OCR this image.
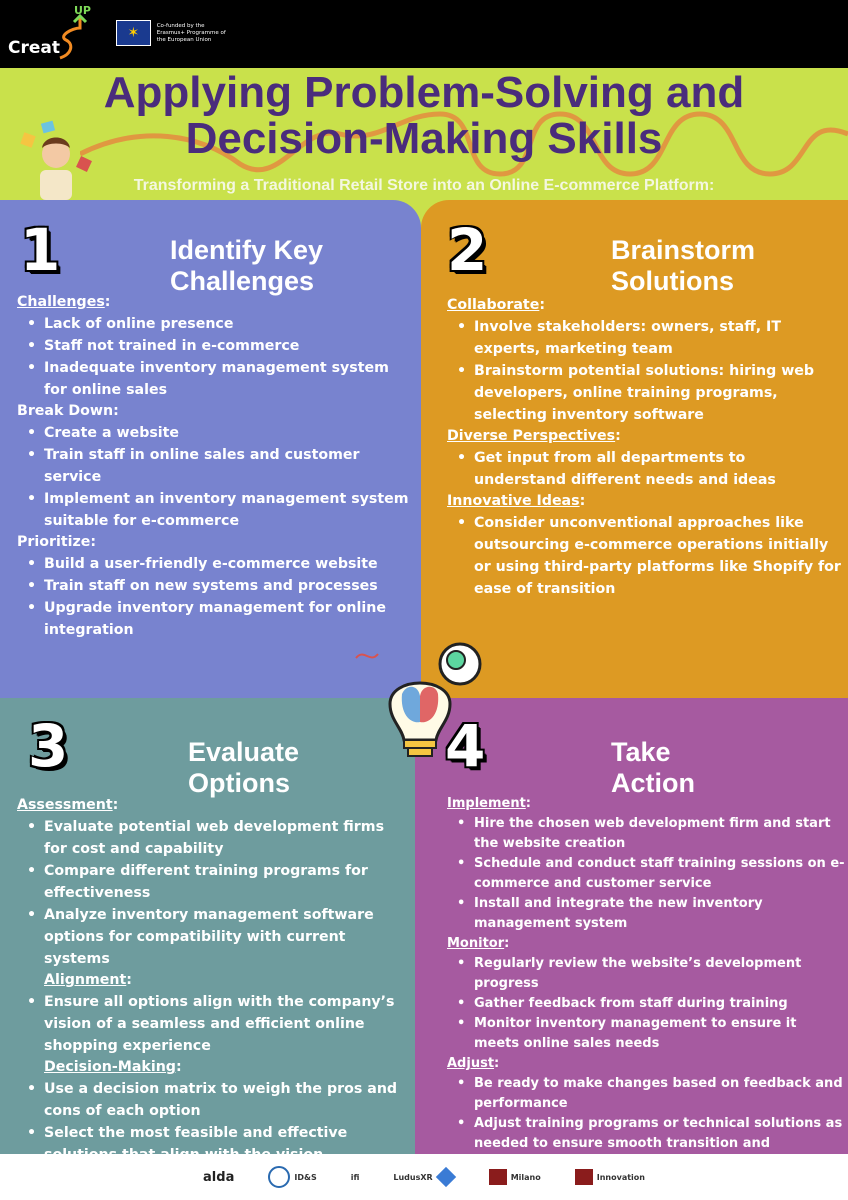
Creat
UP
✶	Co-funded by the Erasmus+ Programme of the European Union
Applying Problem-Solving and
Decision-Making Skills
Transforming a Traditional Retail Store into an Online E-commerce Platform:
1	Identify Key
Challenges
Challenges:
• Lack of online presence
• Staff not trained in e-commerce
• Inadequate inventory management system for online sales
Break Down:
• Create a website
• Train staff in online sales and customer service
• Implement an inventory management system suitable for e-commerce
Prioritize:
• Build a user-friendly e-commerce website
• Train staff on new systems and processes
• Upgrade inventory management for online integration
2	Brainstorm
Solutions
Collaborate:
• Involve stakeholders: owners, staff, IT experts, marketing team
• Brainstorm potential solutions: hiring web developers, online training programs, selecting inventory software
Diverse Perspectives:
• Get input from all departments to understand different needs and ideas
Innovative Ideas:
• Consider unconventional approaches like outsourcing e-commerce operations initially or using third-party platforms like Shopify for ease of transition
3	Evaluate
Options
Assessment:
• Evaluate potential web development firms for cost and capability
• Compare different training programs for effectiveness
• Analyze inventory management software options for compatibility with current systems
Alignment:
• Ensure all options align with the company’s vision of a seamless and efficient online shopping experience
Decision-Making:
• Use a decision matrix to weigh the pros and cons of each option
• Select the most feasible and effective
4	Take
Action
Implement:
• Hire the chosen web development firm and start the website creation
• Schedule and conduct staff training sessions on e-commerce and customer service
• Install and integrate the new inventory management system
Monitor:
• Regularly review the website’s development progress
• Gather feedback from staff during training
• Monitor inventory management to ensure it meets online sales needs
Adjust:
• Be ready to make changes based on feedback and performance
• Adjust training programs or technical solutions as needed to ensure smooth transition and
alda	ID&S	ifi	LudusXR	Milano	Innovation
